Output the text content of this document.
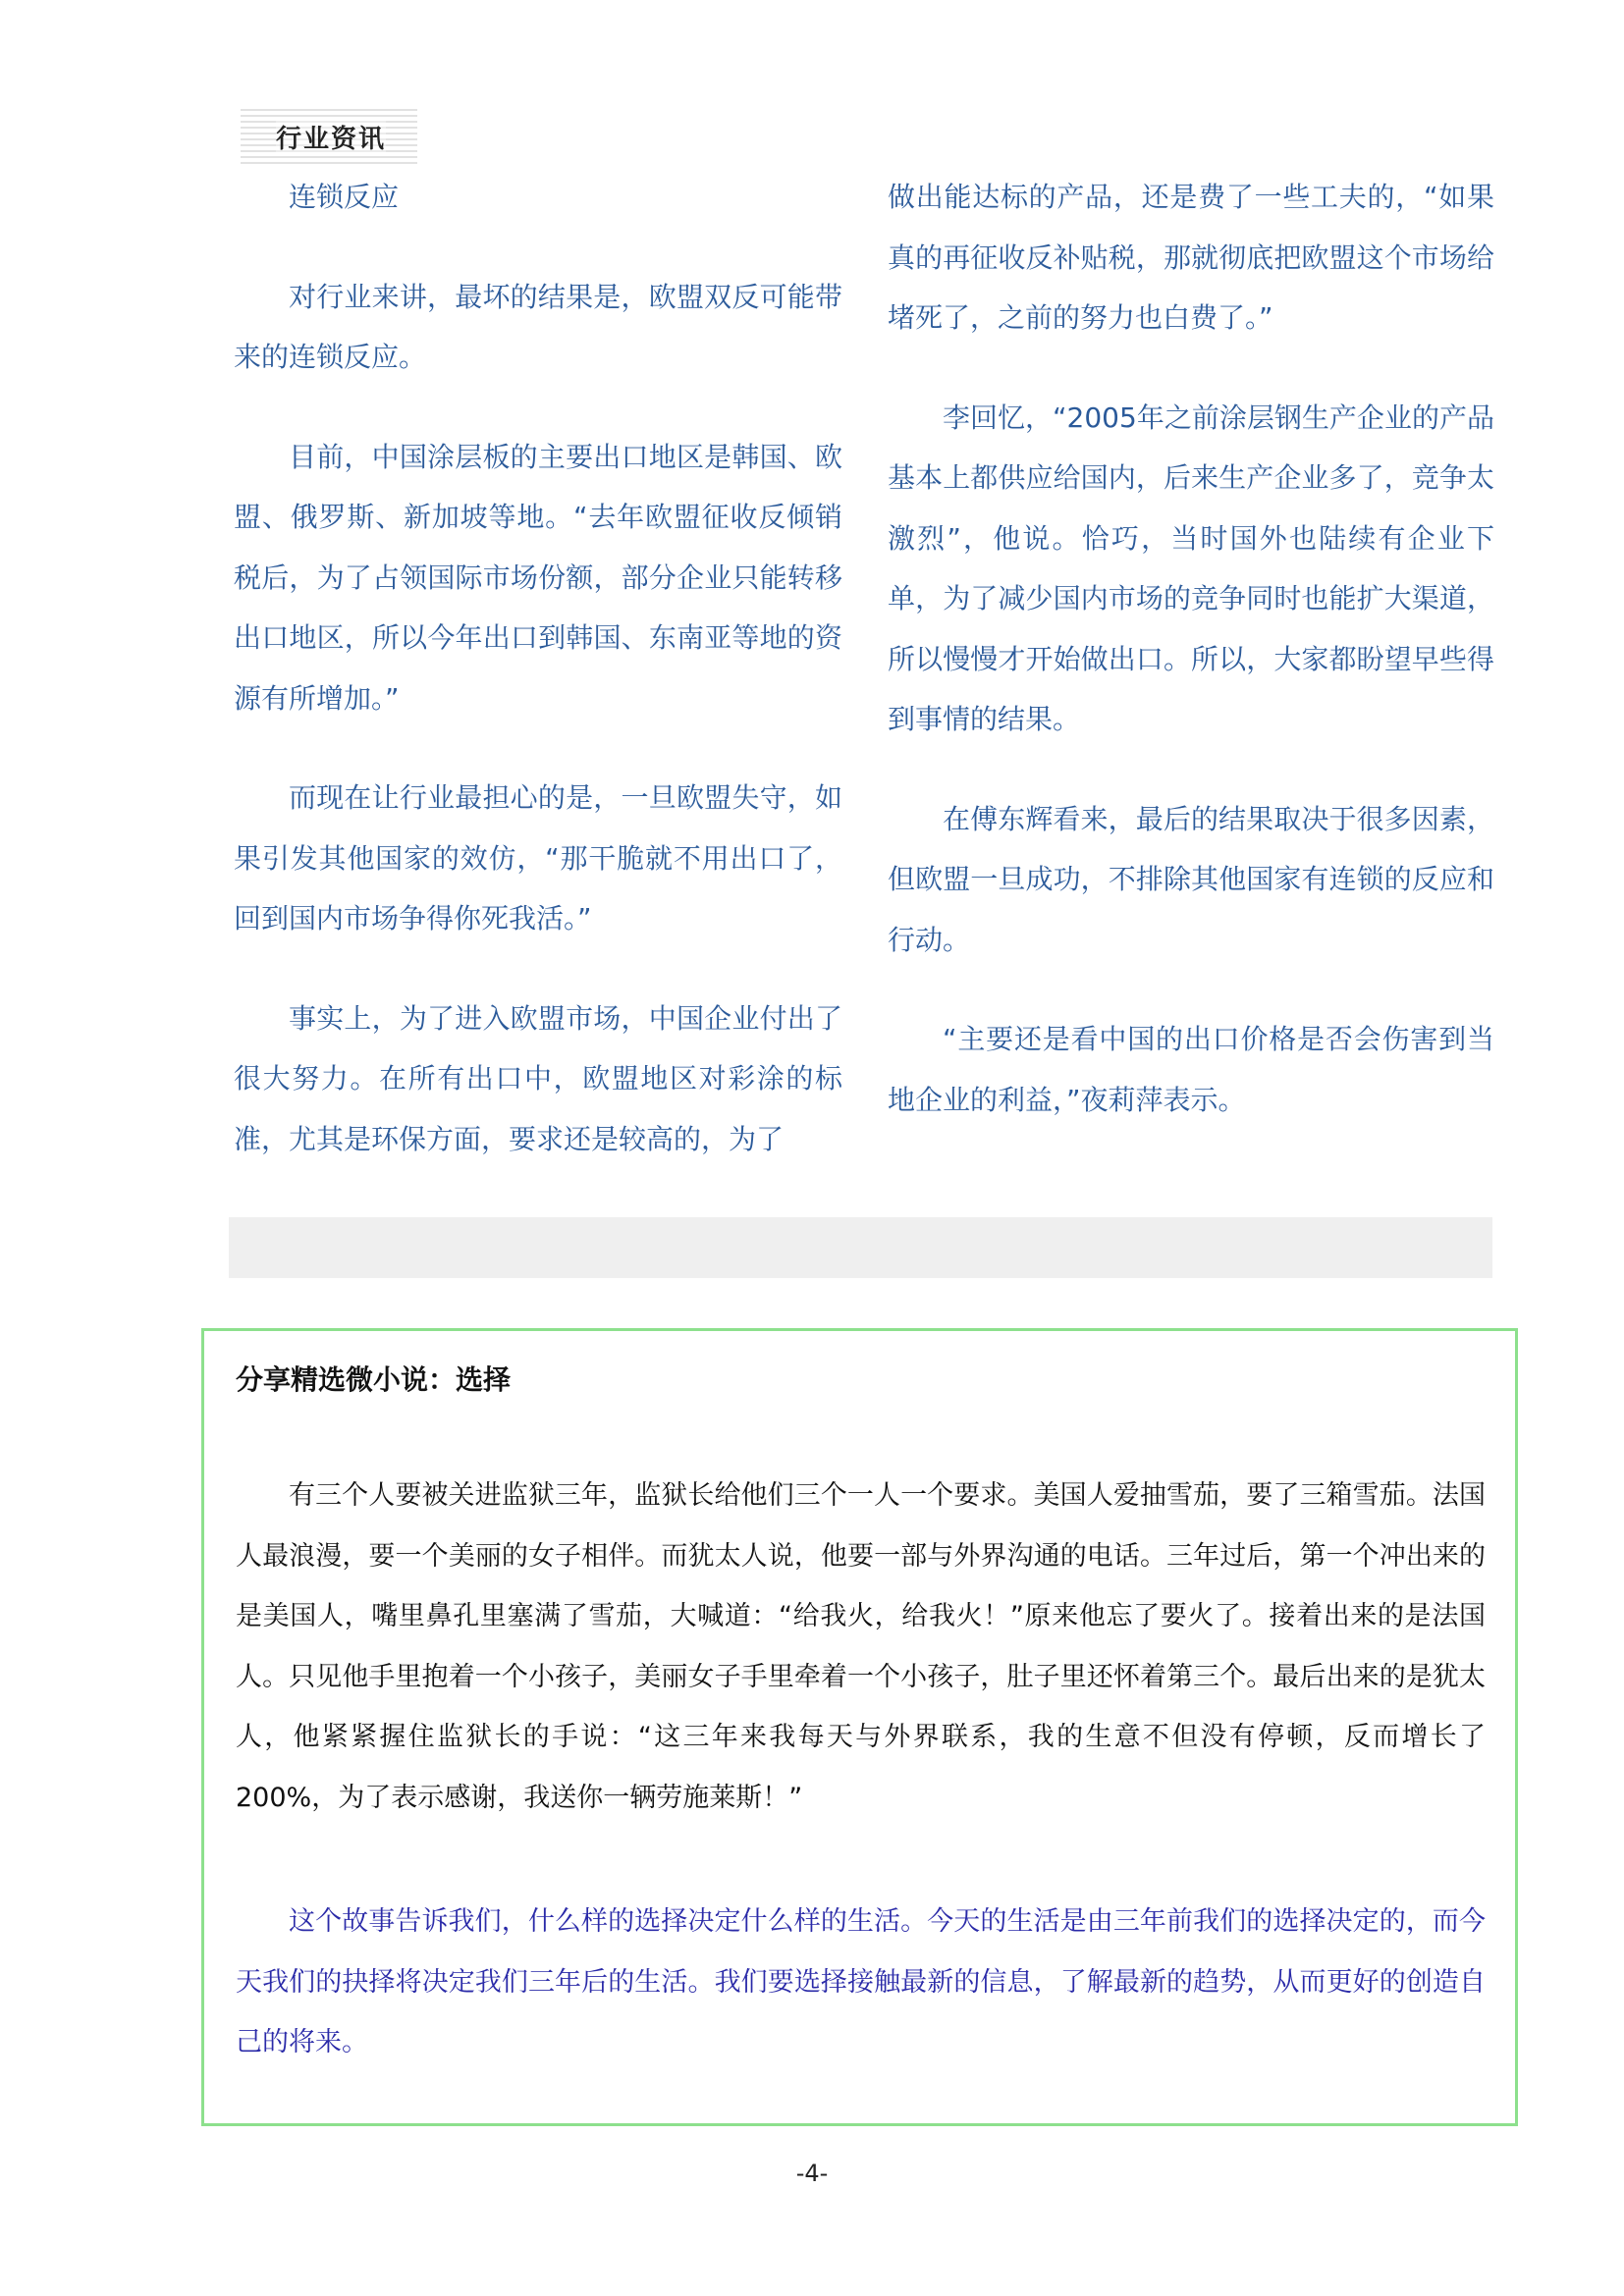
行业资讯

连锁反应

对行业来讲，最坏的结果是，欧盟双反可能带来的连锁反应。

目前，中国涂层板的主要出口地区是韩国、欧盟、俄罗斯、新加坡等地。“去年欧盟征收反倾销税后，为了占领国际市场份额，部分企业只能转移出口地区，所以今年出口到韩国、东南亚等地的资源有所增加。”

而现在让行业最担心的是，一旦欧盟失守，如果引发其他国家的效仿，“那干脆就不用出口了，回到国内市场争得你死我活。”

事实上，为了进入欧盟市场，中国企业付出了很大努力。在所有出口中，欧盟地区对彩涂的标准，尤其是环保方面，要求还是较高的，为了

做出能达标的产品，还是费了一些工夫的，“如果真的再征收反补贴税，那就彻底把欧盟这个市场给堵死了，之前的努力也白费了。”

李回忆，“2005年之前涂层钢生产企业的产品基本上都供应给国内，后来生产企业多了，竞争太激烈”，他说。恰巧，当时国外也陆续有企业下单，为了减少国内市场的竞争同时也能扩大渠道，所以慢慢才开始做出口。所以，大家都盼望早些得到事情的结果。

在傅东辉看来，最后的结果取决于很多因素，但欧盟一旦成功，不排除其他国家有连锁的反应和行动。

“主要还是看中国的出口价格是否会伤害到当地企业的利益，”夜莉萍表示。

分享精选微小说：选择

有三个人要被关进监狱三年，监狱长给他们三个一人一个要求。美国人爱抽雪茄，要了三箱雪茄。法国人最浪漫，要一个美丽的女子相伴。而犹太人说，他要一部与外界沟通的电话。三年过后，第一个冲出来的是美国人，嘴里鼻孔里塞满了雪茄，大喊道：“给我火，给我火！”原来他忘了要火了。接着出来的是法国人。只见他手里抱着一个小孩子，美丽女子手里牵着一个小孩子，肚子里还怀着第三个。最后出来的是犹太人，他紧紧握住监狱长的手说：“这三年来我每天与外界联系，我的生意不但没有停顿，反而增长了200%，为了表示感谢，我送你一辆劳施莱斯！”

这个故事告诉我们，什么样的选择决定什么样的生活。今天的生活是由三年前我们的选择决定的，而今天我们的抉择将决定我们三年后的生活。我们要选择接触最新的信息，了解最新的趋势，从而更好的创造自己的将来。

-4-
